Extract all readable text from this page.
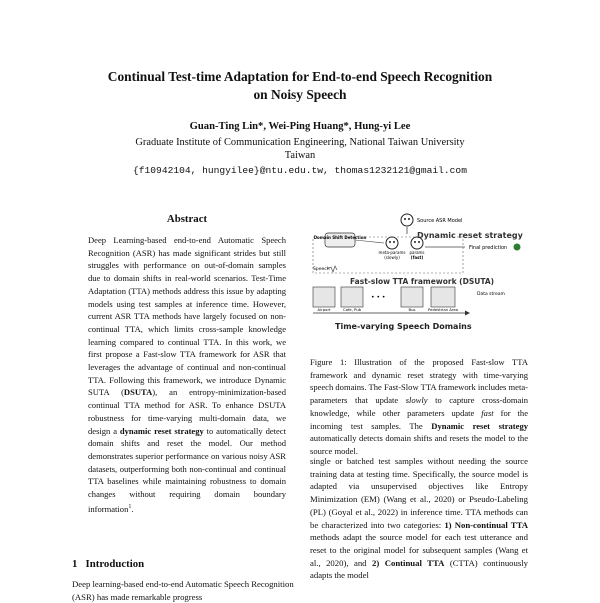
Continual Test-time Adaptation for End-to-end Speech Recognition
on Noisy Speech
Guan-Ting Lin*, Wei-Ping Huang*, Hung-yi Lee
Graduate Institute of Communication Engineering, National Taiwan University
Taiwan
{f10942104, hungyilee}@ntu.edu.tw, thomas1232121@gmail.com
Abstract

Deep Learning-based end-to-end Automatic Speech Recognition (ASR) has made significant strides but still struggles with performance on out-of-domain samples due to domain shifts in real-world scenarios. Test-Time Adaptation (TTA) methods address this issue by adapting models using test samples at inference time. However, current ASR TTA methods have largely focused on non-continual TTA, which limits cross-sample knowledge learning compared to continual TTA. In this work, we first propose a Fast-slow TTA framework for ASR that leverages the advantage of continual and non-continual TTA. Following this framework, we introduce Dynamic SUTA (DSUTA), an entropy-minimization-based continual TTA method for ASR. To enhance DSUTA robustness for time-varying multi-domain data, we design a dynamic reset strategy to automatically detect domain shifts and reset the model. Our method demonstrates superior performance on various noisy ASR datasets, outperforming both non-continual and continual TTA baselines while maintaining robustness to domain changes without requiring domain boundary information$^1$.

1 Introduction

Deep learning-based end-to-end Automatic Speech Recognition (ASR) has made remarkable progress

Source ASR Model
Dynamic reset strategy
Domain Shift Detection
meta-params
(slowly)
params
(fast)
Final prediction
Speech
Fast-slow TTA framework (DSUTA)
Airport	Cafe, Pub	Bus	Pedestrian Area
• • •	Data stream
Time-varying Speech Domains

Figure 1: Illustration of the proposed Fast-slow TTA framework and dynamic reset strategy with time-varying speech domains. The Fast-Slow TTA framework includes meta-parameters that update slowly to capture cross-domain knowledge, while other parameters update fast for the incoming test samples. The Dynamic reset strategy automatically detects domain shifts and resets the model to the source model.

single or batched test samples without needing the source training data at testing time. Specifically, the source model is adapted via unsupervised objectives like Entropy Minimization (EM) (Wang et al., 2020) or Pseudo-Labeling (PL) (Goyal et al., 2022) in inference time. TTA methods can be characterized into two categories: 1) Non-continual TTA methods adapt the source model for each test utterance and reset to the original model for subsequent samples (Wang et al., 2020), and 2) Continual TTA (CTTA) continuously adapts the model
